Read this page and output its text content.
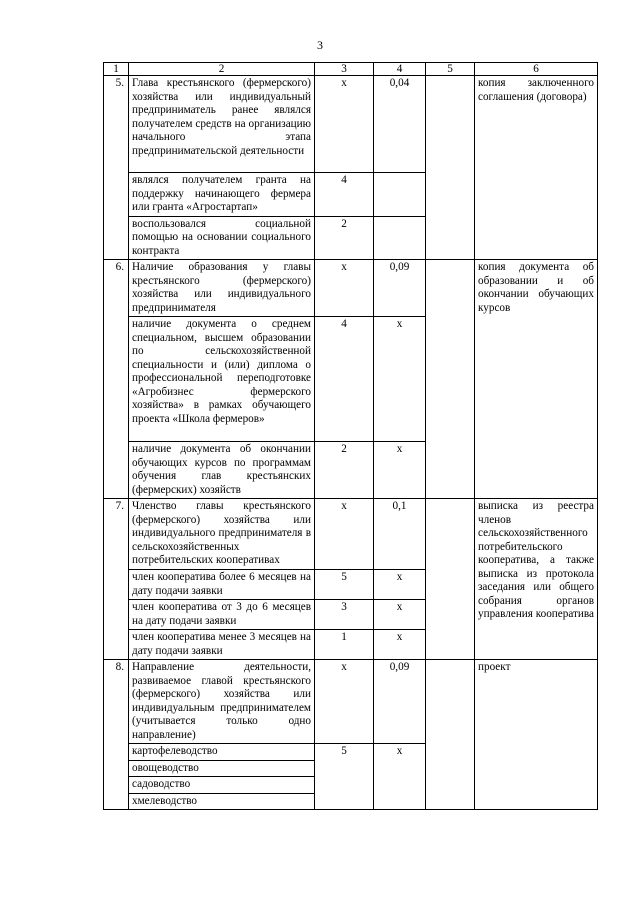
3
1	2	3	4	5	6
5.	Глава крестьянского (фермерского) хозяйства или индивидуальный предприниматель ранее являлся получателем средств на организацию начального этапа предпринимательской деятельности	х	0,04		копия заключенного соглашения (договора)
	являлся получателем гранта на поддержку начинающего фермера или гранта «Агростартап»	4			
	воспользовался социальной помощью на основании социального контракта	2			
6.	Наличие образования у главы крестьянского (фермерского) хозяйства или индивидуального предпринимателя	х	0,09		копия документа об образовании и об окончании обучающих курсов
	наличие документа о среднем специальном, высшем образовании по сельскохозяйственной специальности и (или) диплома о профессиональной переподготовке «Агробизнес фермерского хозяйства» в рамках обучающего проекта «Школа фермеров»	4	х		
	наличие документа об окончании обучающих курсов по программам обучения глав крестьянских (фермерских) хозяйств	2	х		
7.	Членство главы крестьянского (фермерского) хозяйства или индивидуального предпринимателя в сельскохозяйственных потребительских кооперативах	х	0,1		выписка из реестра членов сельскохозяйственного потребительского кооператива, а также выписка из протокола заседания или общего собрания органов управления кооператива
	член кооператива более 6 месяцев на дату подачи заявки	5	х		
	член кооператива от 3 до 6 месяцев на дату подачи заявки	3	х		
	член кооператива менее 3 месяцев на дату подачи заявки	1	х		
8.	Направление деятельности, развиваемое главой крестьянского (фермерского) хозяйства или индивидуальным предпринимателем (учитывается только одно направление)	х	0,09		проект
	картофелеводство	5	х		
	овощеводство				
	садоводство				
	хмелеводство				
